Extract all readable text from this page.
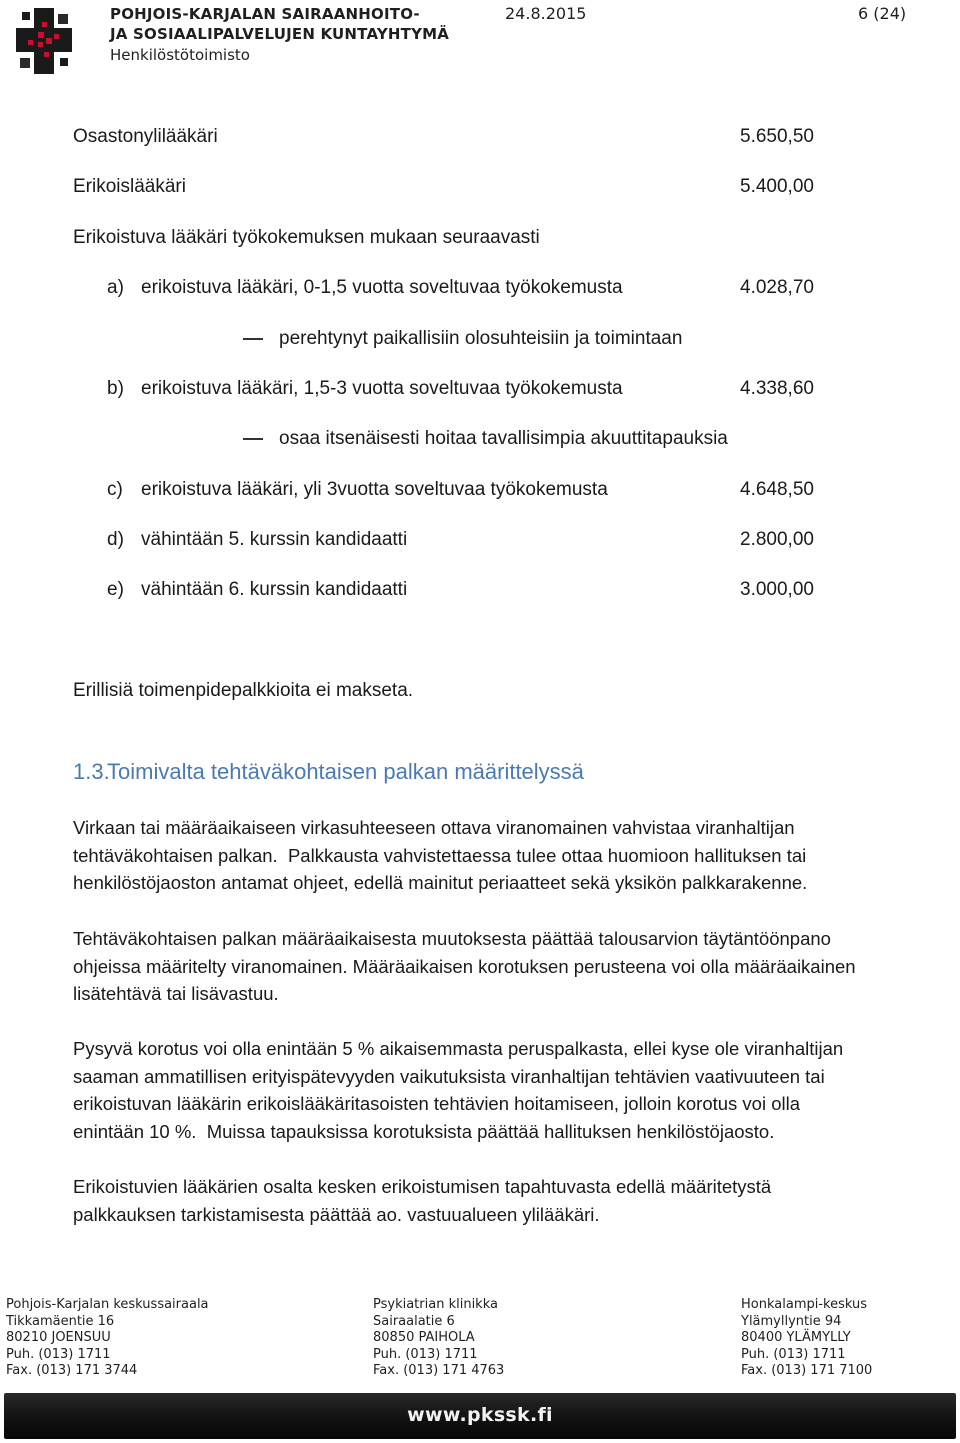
POHJOIS-KARJALAN SAIRAANHOITO-
JA SOSIAALIPALVELUJEN KUNTAYHTYMÄ
Henkilöstötoimisto
24.8.2015	6 (24)
Osastonylilääkäri	5.650,50
Erikoislääkäri	5.400,00
Erikoistuva lääkäri työkokemuksen mukaan seuraavasti
a) erikoistuva lääkäri, 0-1,5 vuotta soveltuvaa työkokemusta	4.028,70
perehtynyt paikallisiin olosuhteisiin ja toimintaan
b) erikoistuva lääkäri, 1,5-3 vuotta soveltuvaa työkokemusta	4.338,60
osaa itsenäisesti hoitaa tavallisimpia akuuttitapauksia
c) erikoistuva lääkäri, yli 3vuotta soveltuvaa työkokemusta	4.648,50
d) vähintään 5. kurssin kandidaatti	2.800,00
e) vähintään 6. kurssin kandidaatti	3.000,00
Erillisiä toimenpidepalkkioita ei makseta.
1.3.
Toimivalta tehtäväkohtaisen palkan määrittelyssä
Virkaan tai määräaikaiseen virkasuhteeseen ottava viranomainen vahvistaa viranhaltijan
tehtäväkohtaisen palkan.  Palkkausta vahvistettaessa tulee ottaa huomioon hallituksen tai
henkilöstöjaoston antamat ohjeet, edellä mainitut periaatteet sekä yksikön palkkarakenne.
Tehtäväkohtaisen palkan määräaikaisesta muutoksesta päättää talousarvion täytäntöönpano
ohjeissa määritelty viranomainen. Määräaikaisen korotuksen perusteena voi olla määräaikainen
lisätehtävä tai lisävastuu.
Pysyvä korotus voi olla enintään 5 % aikaisemmasta peruspalkasta, ellei kyse ole viranhaltijan
saaman ammatillisen erityispätevyyden vaikutuksista viranhaltijan tehtävien vaativuuteen tai
erikoistuvan lääkärin erikoislääkäritasoisten tehtävien hoitamiseen, jolloin korotus voi olla
enintään 10 %.  Muissa tapauksissa korotuksista päättää hallituksen henkilöstöjaosto.
Erikoistuvien lääkärien osalta kesken erikoistumisen tapahtuvasta edellä määritetystä
palkkauksen tarkistamisesta päättää ao. vastuualueen ylilääkäri.
Pohjois-Karjalan keskussairaala
Tikkamäentie 16
80210 JOENSUU
Puh. (013) 1711
Fax. (013) 171 3744
Psykiatrian klinikka
Sairaalatie 6
80850 PAIHOLA
Puh. (013) 1711
Fax. (013) 171 4763
Honkalampi-keskus
Ylämyllyntie 94
80400 YLÄMYLLY
Puh. (013) 1711
Fax. (013) 171 7100
www.pkssk.fi
